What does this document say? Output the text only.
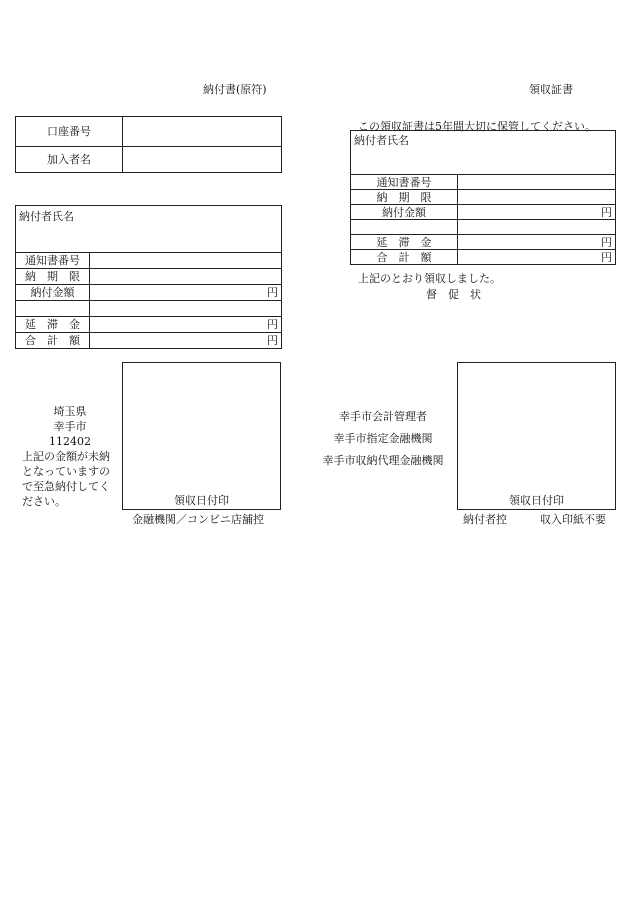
納付書(原符)	領収証書
口座番号	
加入者名	
納付者氏名	
通知書番号	
納　期　限	
納付金額	円

延　滞　金	円
合　計　額	円
この領収証書は5年間大切に保管してください。
納付者氏名	
通知書番号	
納　期　限	
納付金額	円

延　滞　金	円
合　計　額	円
上記のとおり領収しました。
督　促　状
埼玉県
幸手市
112402
上記の金額が未納
となっていますの
で至急納付してく
ださい。	領収日付印
金融機関／コンビニ店舗控
幸手市会計管理者
幸手市指定金融機関
幸手市収納代理金融機関
領収日付印
納付者控	収入印紙不要
